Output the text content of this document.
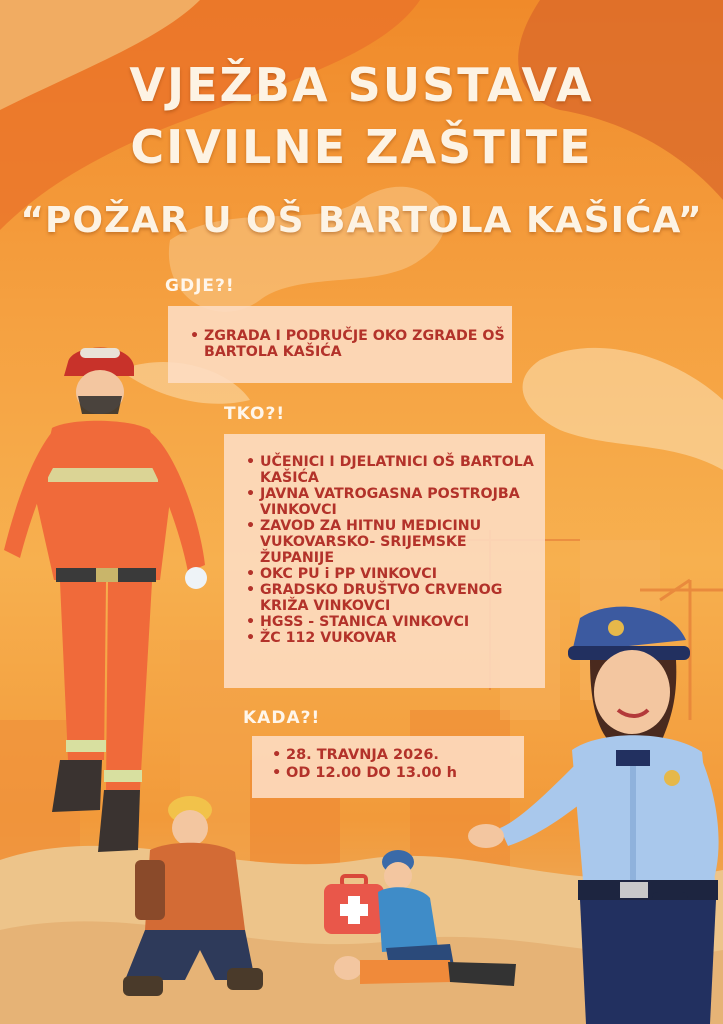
VJEŽBA SUSTAVA
CIVILNE ZAŠTITE
“POŽAR U OŠ BARTOLA KAŠIĆA”
GDJE?!
• ZGRADA I PODRUČJE OKO ZGRADE OŠ BARTOLA KAŠIĆA
TKO?!
• UČENICI I DJELATNICI OŠ BARTOLA KAŠIĆA
• JAVNA VATROGASNA POSTROJBA VINKOVCI
• ZAVOD ZA HITNU MEDICINU VUKOVARSKO- SRIJEMSKE ŽUPANIJE
• OKC PU i PP VINKOVCI
• GRADSKO DRUŠTVO CRVENOG KRIŽA VINKOVCI
• HGSS - STANICA VINKOVCI
• ŽC 112 VUKOVAR
KADA?!
• 28. TRAVNJA 2026.
• OD 12.00 DO 13.00 h
